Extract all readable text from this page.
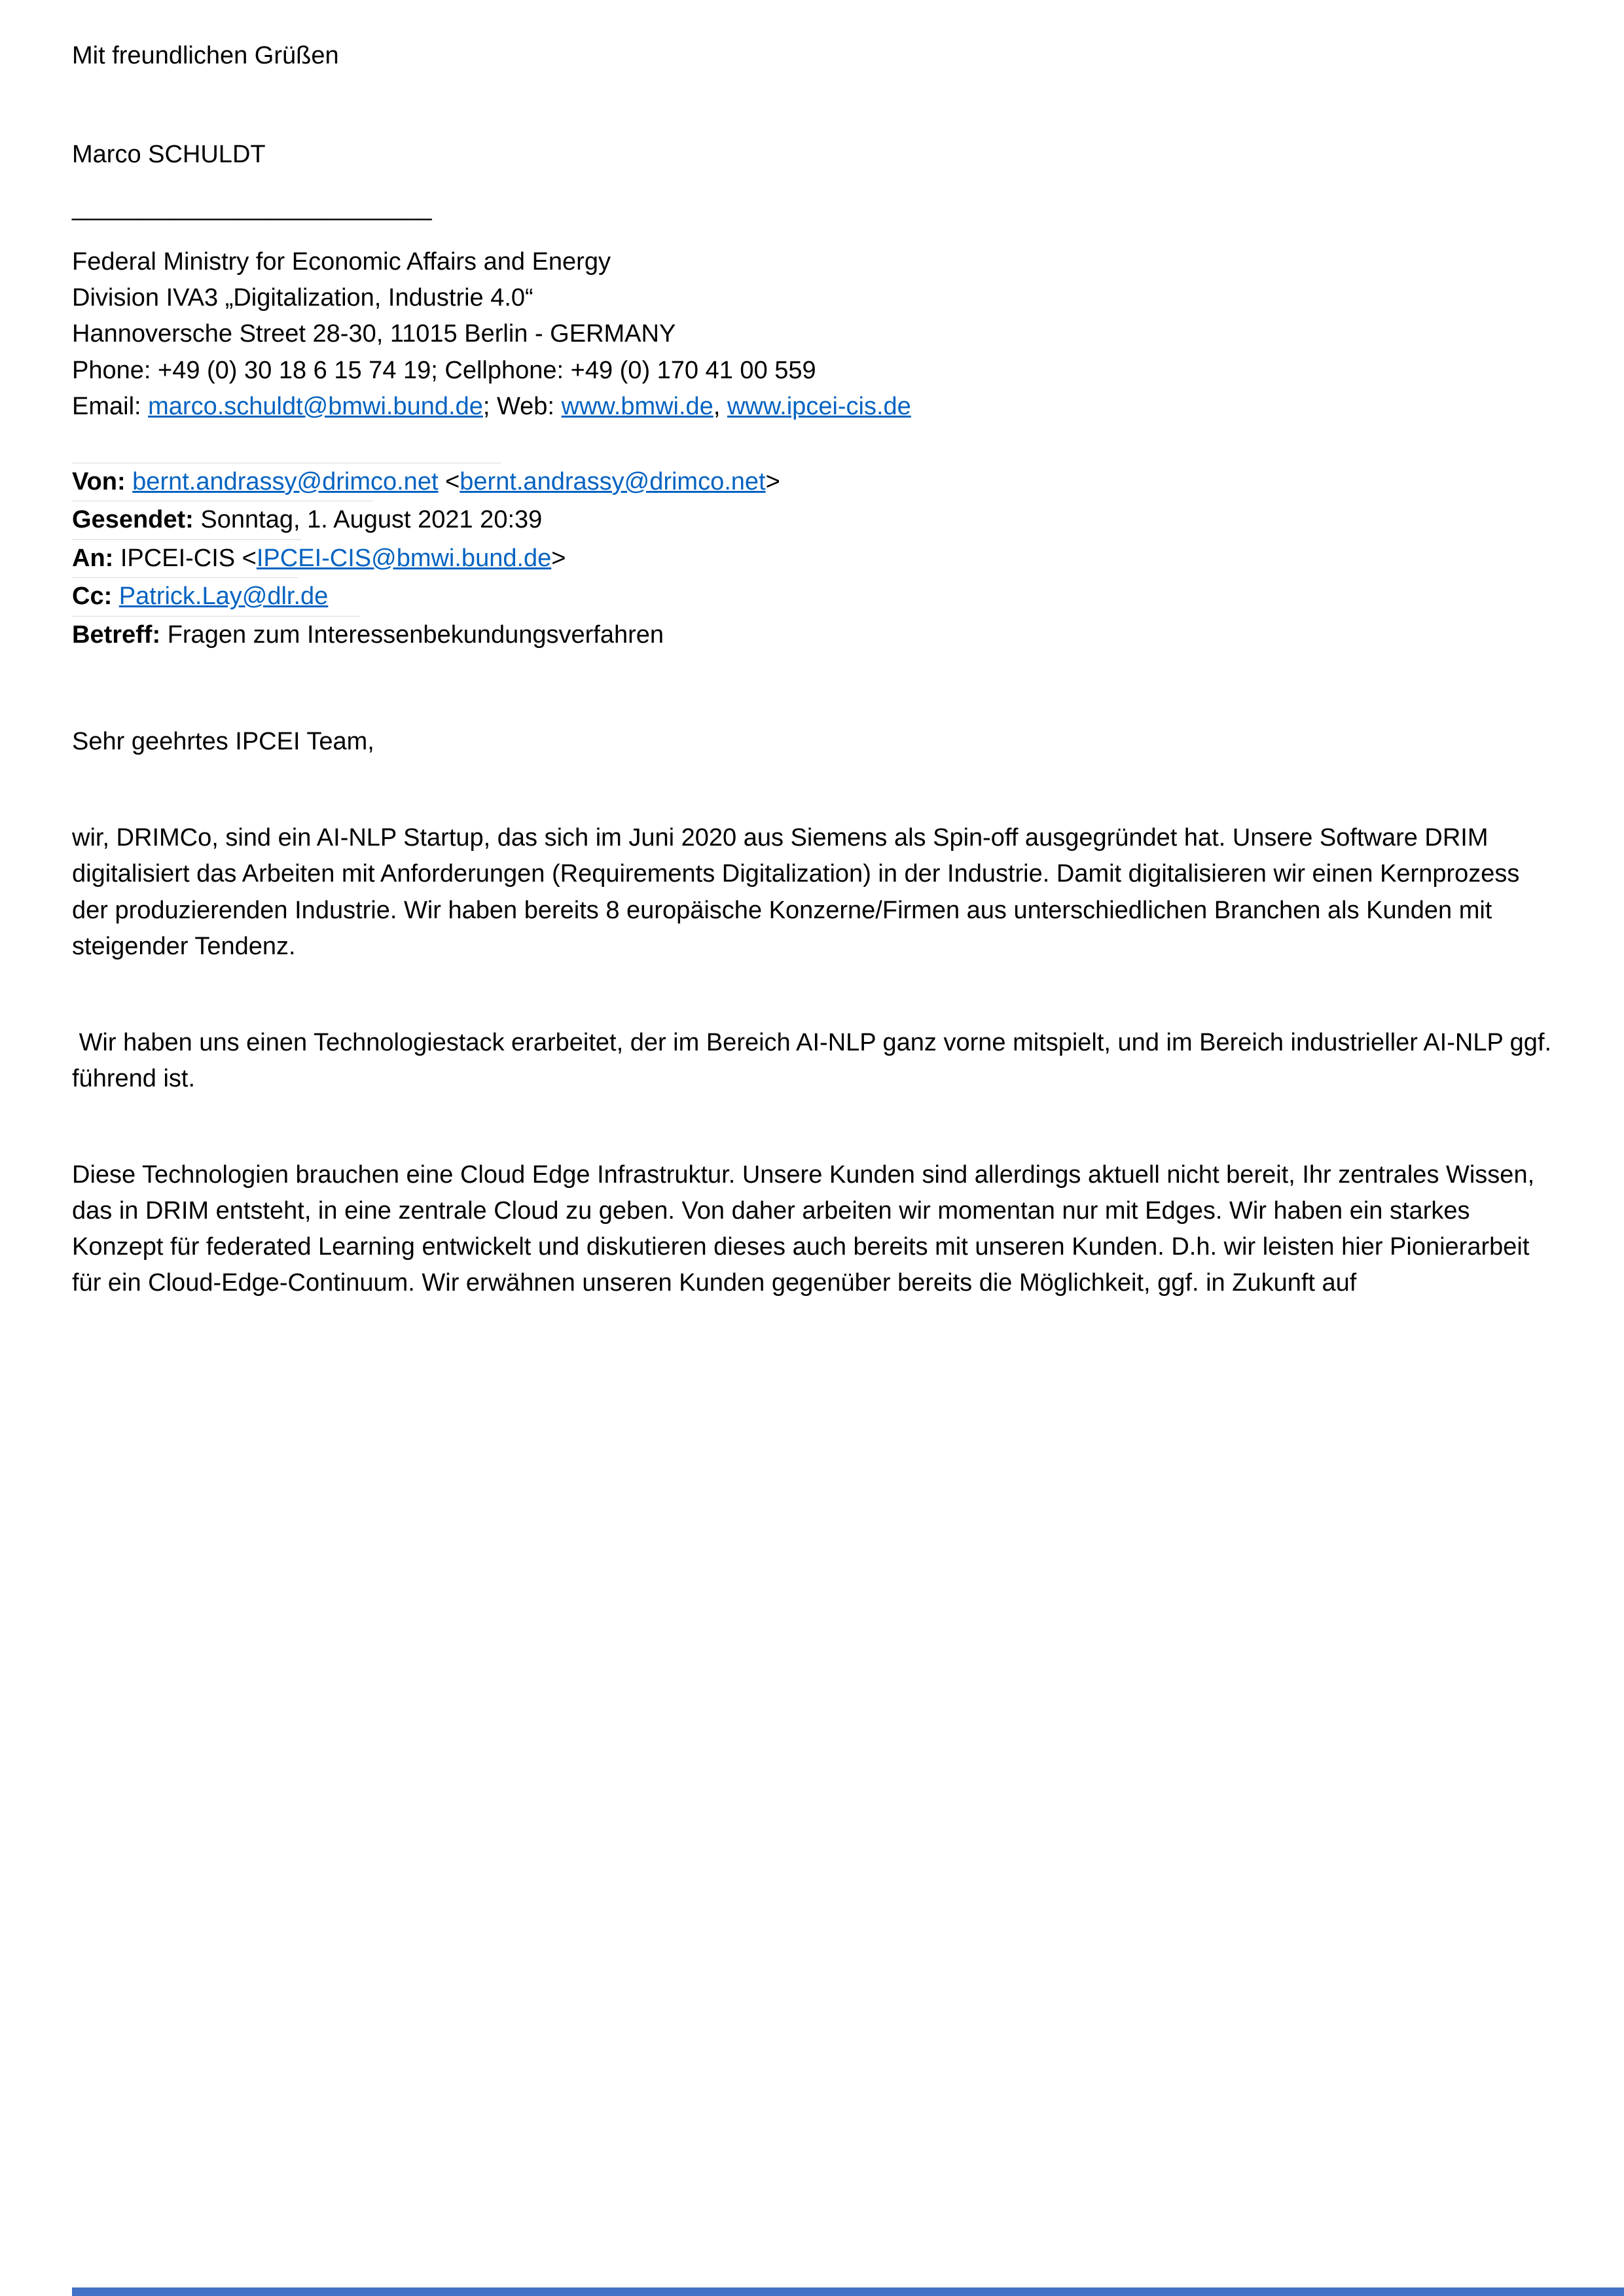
Mit freundlichen Grüßen

Marco SCHULDT

__________________________

Federal Ministry for Economic Affairs and Energy

Division IVA3 „Digitalization, Industrie 4.0“

Hannoversche Street 28-30, 11015 Berlin - GERMANY

Phone: +49 (0) 30 18 6 15 74 19; Cellphone: +49 (0) 170 41 00 559

Email: marco.schuldt@bmwi.bund.de; Web: www.bmwi.de, www.ipcei-cis.de

Von: bernt.andrassy@drimco.net <bernt.andrassy@drimco.net>

Gesendet: Sonntag, 1. August 2021 20:39

An: IPCEI-CIS <IPCEI-CIS@bmwi.bund.de>

Cc: Patrick.Lay@dlr.de

Betreff: Fragen zum Interessenbekundungsverfahren

Sehr geehrtes IPCEI Team,

wir, DRIMCo, sind ein AI-NLP Startup, das sich im Juni 2020 aus Siemens als Spin-off ausgegründet hat. Unsere Software DRIM digitalisiert das Arbeiten mit Anforderungen (Requirements Digitalization) in der Industrie. Damit digitalisieren wir einen Kernprozess der produzierenden Industrie. Wir haben bereits 8 europäische Konzerne/Firmen aus unterschiedlichen Branchen als Kunden mit steigender Tendenz.

Wir haben uns einen Technologiestack erarbeitet, der im Bereich AI-NLP ganz vorne mitspielt, und im Bereich industrieller AI-NLP ggf. führend ist.

Diese Technologien brauchen eine Cloud Edge Infrastruktur. Unsere Kunden sind allerdings aktuell nicht bereit, Ihr zentrales Wissen, das in DRIM entsteht, in eine zentrale Cloud zu geben. Von daher arbeiten wir momentan nur mit Edges. Wir haben ein starkes Konzept für federated Learning entwickelt und diskutieren dieses auch bereits mit unseren Kunden. D.h. wir leisten hier Pionierarbeit für ein Cloud-Edge-Continuum. Wir erwähnen unseren Kunden gegenüber bereits die Möglichkeit, ggf. in Zukunft auf
